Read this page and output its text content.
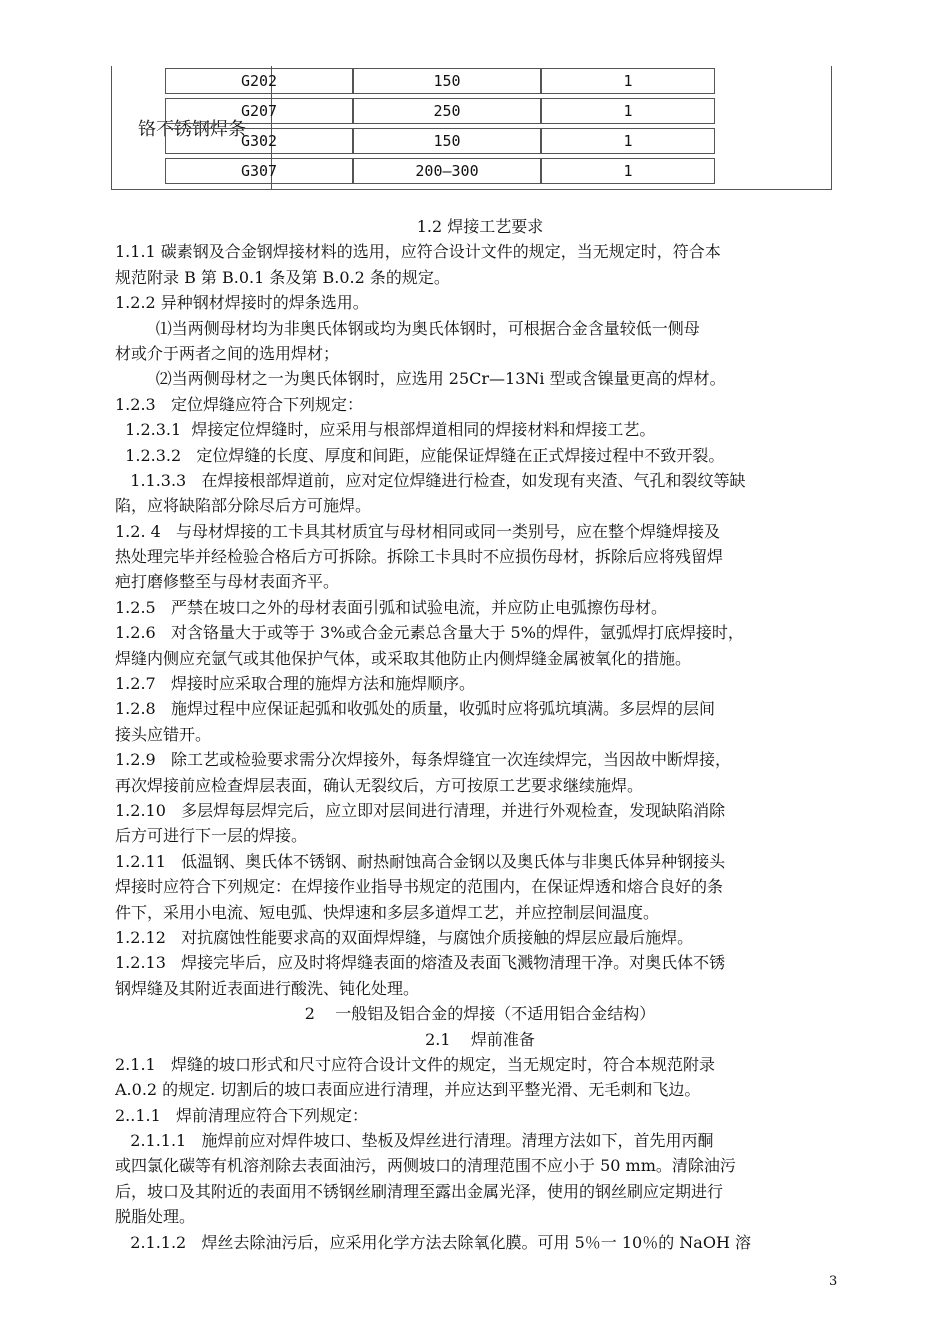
铬不锈钢焊条
G202	150	1
G207	250	1
G302	150	1
G307	200—300	1
1.2 焊接工艺要求
1.1.1 碳素钢及合金钢焊接材料的选用，应符合设计文件的规定，当无规定时，符合本
规范附录 B 第 B.0.1 条及第 B.0.2 条的规定。
1.2.2 异种钢材焊接时的焊条选用。
⑴当两侧母材均为非奥氏体钢或均为奥氏体钢时，可根据合金含量较低一侧母
材或介于两者之间的选用焊材；
⑵当两侧母材之一为奥氏体钢时，应选用 25Cr—13Ni 型或含镍量更高的焊材。
1.2.3   定位焊缝应符合下列规定：
1.2.3.1  焊接定位焊缝时，应采用与根部焊道相同的焊接材料和焊接工艺。
1.2.3.2   定位焊缝的长度、厚度和间距，应能保证焊缝在正式焊接过程中不致开裂。
1.1.3.3   在焊接根部焊道前，应对定位焊缝进行检查，如发现有夹渣、气孔和裂纹等缺
陷，应将缺陷部分除尽后方可施焊。
1.2. 4   与母材焊接的工卡具其材质宜与母材相同或同一类别号，应在整个焊缝焊接及
热处理完毕并经检验合格后方可拆除。拆除工卡具时不应损伤母材，拆除后应将残留焊
疤打磨修整至与母材表面齐平。
1.2.5   严禁在坡口之外的母材表面引弧和试验电流，并应防止电弧擦伤母材。
1.2.6   对含铬量大于或等于 3%或合金元素总含量大于 5%的焊件，氩弧焊打底焊接时，
焊缝内侧应充氩气或其他保护气体，或采取其他防止内侧焊缝金属被氧化的措施。
1.2.7   焊接时应采取合理的施焊方法和施焊顺序。
1.2.8   施焊过程中应保证起弧和收弧处的质量，收弧时应将弧坑填满。多层焊的层间
接头应错开。
1.2.9   除工艺或检验要求需分次焊接外，每条焊缝宜一次连续焊完，当因故中断焊接，
再次焊接前应检查焊层表面，确认无裂纹后，方可按原工艺要求继续施焊。
1.2.10   多层焊每层焊完后，应立即对层间进行清理，并进行外观检查，发现缺陷消除
后方可进行下一层的焊接。
1.2.11   低温钢、奥氏体不锈钢、耐热耐蚀高合金钢以及奥氏体与非奥氏体异种钢接头
焊接时应符合下列规定：在焊接作业指导书规定的范围内，在保证焊透和熔合良好的条
件下，采用小电流、短电弧、快焊速和多层多道焊工艺，并应控制层间温度。
1.2.12   对抗腐蚀性能要求高的双面焊焊缝，与腐蚀介质接触的焊层应最后施焊。
1.2.13   焊接完毕后，应及时将焊缝表面的熔渣及表面飞溅物清理干净。对奥氏体不锈
钢焊缝及其附近表面进行酸洗、钝化处理。
2    一般铝及铝合金的焊接（不适用铝合金结构）
2.1    焊前准备
2.1.1   焊缝的坡口形式和尺寸应符合设计文件的规定，当无规定时，符合本规范附录
A.0.2 的规定. 切割后的坡口表面应进行清理，并应达到平整光滑、无毛刺和飞边。
2..1.1   焊前清理应符合下列规定：
2.1.1.1   施焊前应对焊件坡口、垫板及焊丝进行清理。清理方法如下，首先用丙酮
或四氯化碳等有机溶剂除去表面油污，两侧坡口的清理范围不应小于 50 mm。清除油污
后，坡口及其附近的表面用不锈钢丝刷清理至露出金属光泽，使用的钢丝刷应定期进行
脱脂处理。
2.1.1.2   焊丝去除油污后，应采用化学方法去除氧化膜。可用 5％一 10％的 NaOH 溶
3
